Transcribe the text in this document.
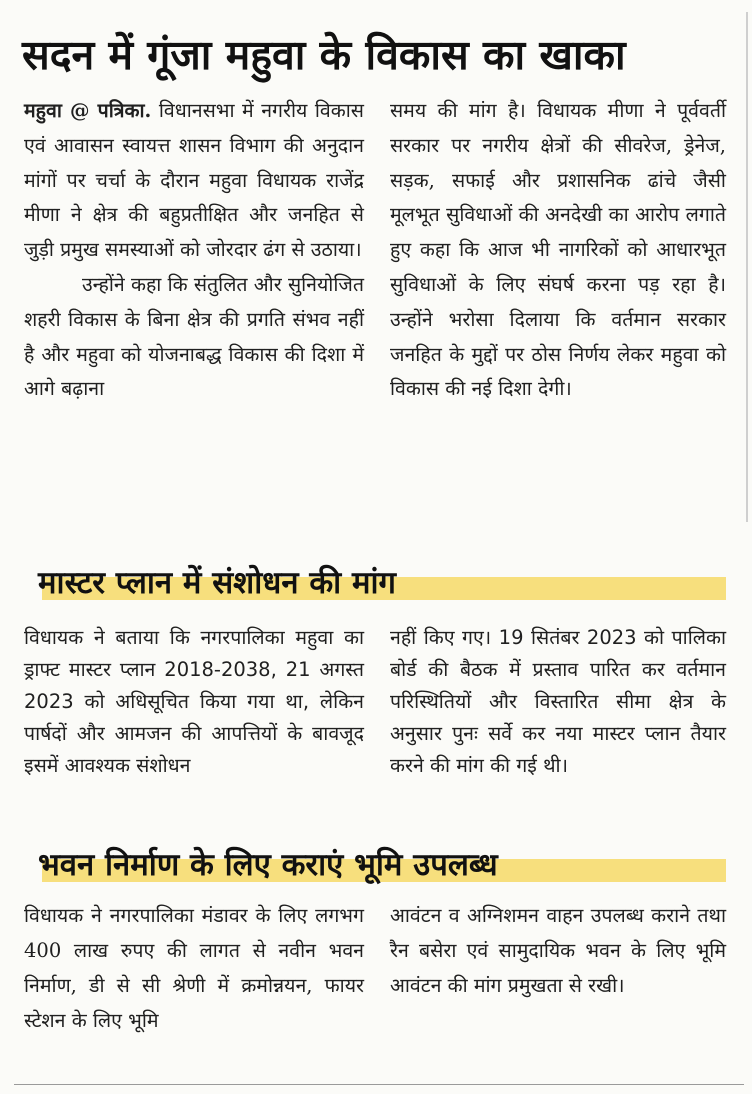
सदन में गूंजा महुवा के विकास का खाका

महुवा @ पत्रिका. विधानसभा में नगरीय विकास एवं आवासन स्वायत्त शासन विभाग की अनुदान मांगों पर चर्चा के दौरान महुवा विधायक राजेंद्र मीणा ने क्षेत्र की बहुप्रतीक्षित और जनहित से जुड़ी प्रमुख समस्याओं को जोरदार ढंग से उठाया।

उन्होंने कहा कि संतुलित और सुनियोजित शहरी विकास के बिना क्षेत्र की प्रगति संभव नहीं है और महुवा को योजनाबद्ध विकास की दिशा में आगे बढ़ाना

समय की मांग है। विधायक मीणा ने पूर्ववर्ती सरकार पर नगरीय क्षेत्रों की सीवरेज, ड्रेनेज, सड़क, सफाई और प्रशासनिक ढांचे जैसी मूलभूत सुविधाओं की अनदेखी का आरोप लगाते हुए कहा कि आज भी नागरिकों को आधारभूत सुविधाओं के लिए संघर्ष करना पड़ रहा है। उन्होंने भरोसा दिलाया कि वर्तमान सरकार जनहित के मुद्दों पर ठोस निर्णय लेकर महुवा को विकास की नई दिशा देगी।

मास्टर प्लान में संशोधन की मांग

विधायक ने बताया कि नगरपालिका महुवा का ड्राफ्ट मास्टर प्लान 2018-2038, 21 अगस्त 2023 को अधिसूचित किया गया था, लेकिन पार्षदों और आमजन की आपत्तियों के बावजूद इसमें आवश्यक संशोधन

नहीं किए गए। 19 सितंबर 2023 को पालिका बोर्ड की बैठक में प्रस्ताव पारित कर वर्तमान परिस्थितियों और विस्तारित सीमा क्षेत्र के अनुसार पुनः सर्वे कर नया मास्टर प्लान तैयार करने की मांग की गई थी।

भवन निर्माण के लिए कराएं भूमि उपलब्ध

विधायक ने नगरपालिका मंडावर के लिए लगभग 400 लाख रुपए की लागत से नवीन भवन निर्माण, डी से सी श्रेणी में क्रमोन्नयन, फायर स्टेशन के लिए भूमि

आवंटन व अग्निशमन वाहन उपलब्ध कराने तथा रैन बसेरा एवं सामुदायिक भवन के लिए भूमि आवंटन की मांग प्रमुखता से रखी।
